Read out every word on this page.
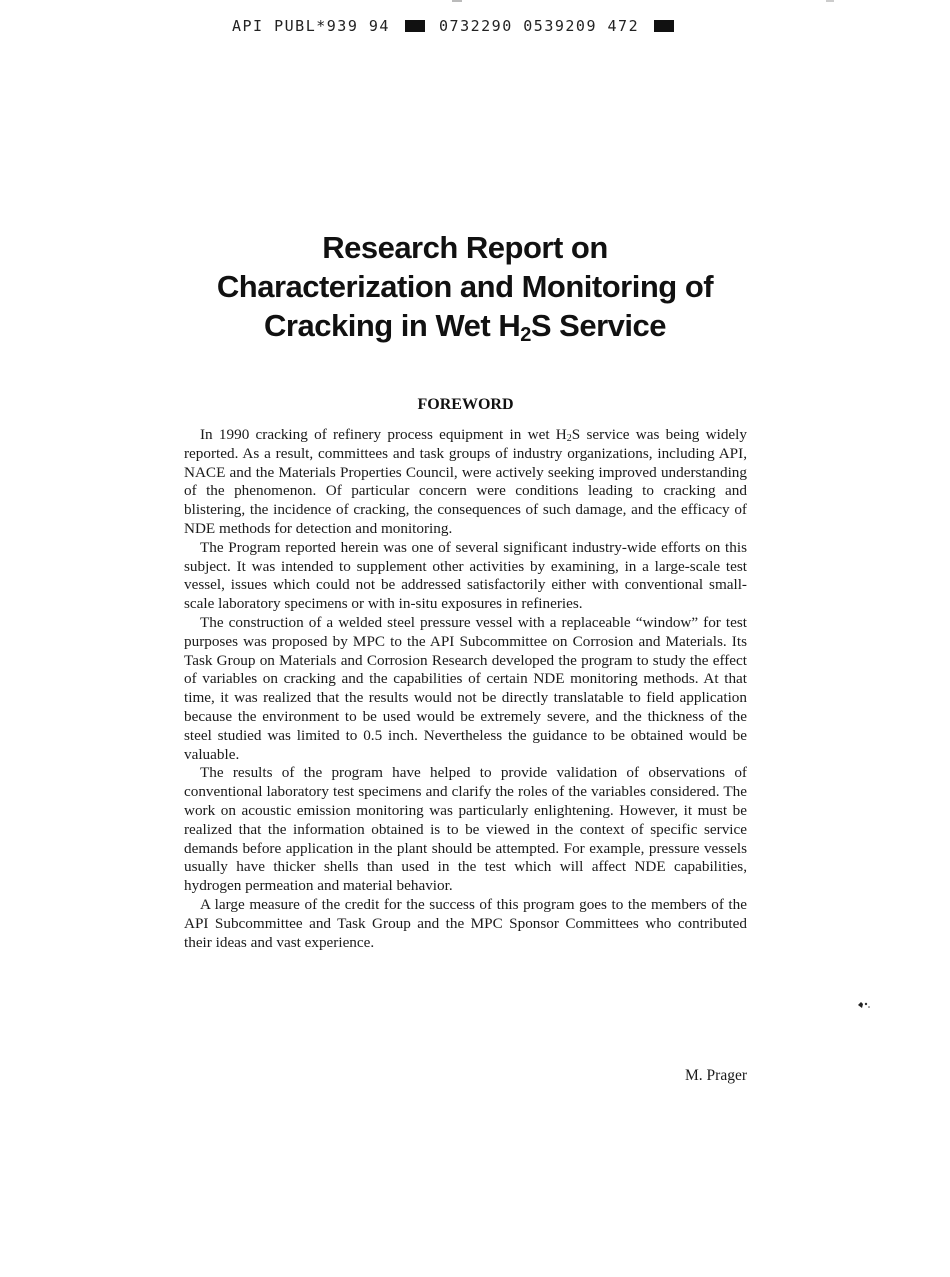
API PUBL*939 94	0732290 0539209 472
Research Report on
Characterization and Monitoring of
Cracking in Wet $H_2S$ Service
FOREWORD

In 1990 cracking of refinery process equipment in wet $H_2S$ service was being widely reported. As a result, committees and task groups of industry organizations, including API, NACE and the Materials Properties Council, were actively seeking improved understanding of the phenomenon. Of particular concern were conditions leading to cracking and blistering, the incidence of cracking, the consequences of such damage, and the efficacy of NDE methods for detection and monitoring.

The Program reported herein was one of several significant industry-wide efforts on this subject. It was intended to supplement other activities by examining, in a large-scale test vessel, issues which could not be addressed satisfactorily either with conventional small-scale laboratory specimens or with in-situ exposures in refineries.

The construction of a welded steel pressure vessel with a replaceable “window” for test purposes was proposed by MPC to the API Subcommittee on Corrosion and Materials. Its Task Group on Materials and Corrosion Research developed the program to study the effect of variables on cracking and the capabilities of certain NDE monitoring methods. At that time, it was realized that the results would not be directly translatable to field application because the environment to be used would be extremely severe, and the thickness of the steel studied was limited to 0.5 inch. Nevertheless the guidance to be obtained would be valuable.

The results of the program have helped to provide validation of observations of conventional laboratory test specimens and clarify the roles of the variables considered. The work on acoustic emission monitoring was particularly enlightening. However, it must be realized that the information obtained is to be viewed in the context of specific service demands before application in the plant should be attempted. For example, pressure vessels usually have thicker shells than used in the test which will affect NDE capabilities, hydrogen permeation and material behavior.

A large measure of the credit for the success of this program goes to the members of the API Subcommittee and Task Group and the MPC Sponsor Committees who contributed their ideas and vast experience.

M. Prager
